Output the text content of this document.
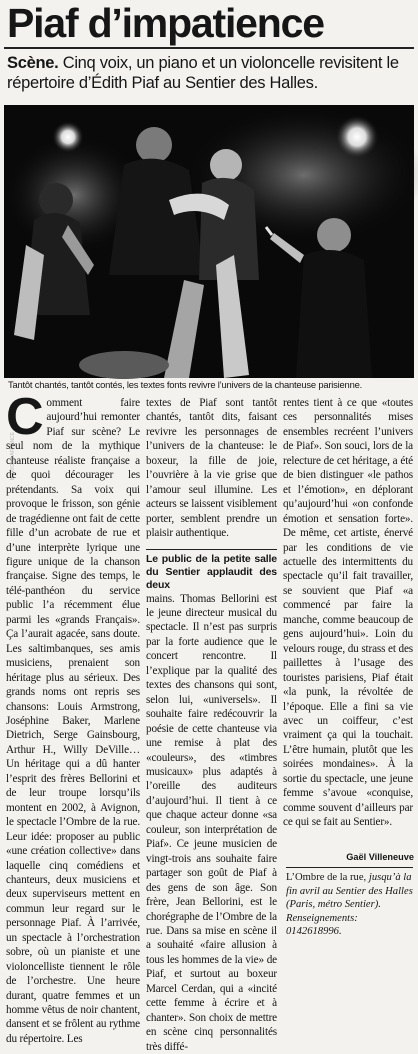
Piaf d’impatience

Scène. Cinq voix, un piano et un violoncelle revisitent le répertoire d’Édith Piaf au Sentier des Halles.

MARION LAFRANCE

Tantôt chantés, tantôt contés, les textes fonts revivre l’univers de la chanteuse parisienne.

Comment faire aujourd’hui remonter Piaf sur scène? Le seul nom de la mythique chanteuse réaliste française a de quoi décourager les prétendants. Sa voix qui provoque le frisson, son génie de tragédienne ont fait de cette fille d’un acrobate de rue et d’une interprète lyrique une figure unique de la chanson française. Signe des temps, le télé-panthéon du service public l’a récemment élue parmi les «grands Français». Ça l’aurait agacée, sans doute. Les saltimbanques, ses amis musiciens, prenaient son héritage plus au sérieux. Des grands noms ont repris ses chansons: Louis Armstrong, Joséphine Baker, Marlene Dietrich, Serge Gainsbourg, Arthur H., Willy DeVille… Un héritage qui a dû hanter l’esprit des frères Bellorini et de leur troupe lorsqu’ils montent en 2002, à Avignon, le spectacle l’Ombre de la rue. Leur idée: proposer au public «une création collective» dans laquelle cinq comédiens et chanteurs, deux musiciens et deux superviseurs mettent en commun leur regard sur le personnage Piaf. À l’arrivée, un spectacle à l’orchestration sobre, où un pianiste et une violoncelliste tiennent le rôle de l’orchestre. Une heure durant, quatre femmes et un homme vêtus de noir chantent, dansent et se frôlent au rythme du répertoire. Les

textes de Piaf sont tantôt chantés, tantôt dits, faisant revivre les personnages de l’univers de la chanteuse: le boxeur, la fille de joie, l’ouvrière à la vie grise que l’amour seul illumine. Les acteurs se laissent visiblement porter, semblent prendre un plaisir authentique.

Le public de la petite salle du Sentier applaudit des deux

mains. Thomas Bellorini est le jeune directeur musical du spectacle. Il n’est pas surpris par la forte audience que le concert rencontre. Il l’explique par la qualité des textes des chansons qui sont, selon lui, «universels». Il souhaite faire redécouvrir la poésie de cette chanteuse via une remise à plat des «couleurs», des «timbres musicaux» plus adaptés à l’oreille des auditeurs d’aujourd’hui. Il tient à ce que chaque acteur donne «sa couleur, son interprétation de Piaf». Ce jeune musicien de vingt-trois ans souhaite faire partager son goût de Piaf à des gens de son âge. Son frère, Jean Bellorini, est le chorégraphe de l’Ombre de la rue. Dans sa mise en scène il a souhaité «faire allusion à tous les hommes de la vie» de Piaf, et surtout au boxeur Marcel Cerdan, qui a «incité cette femme à écrire et à chanter». Son choix de mettre en scène cinq personnalités très diffé-

rentes tient à ce que «toutes ces personnalités mises ensembles recréent l’univers de Piaf». Son souci, lors de la relecture de cet héritage, a été de bien distinguer «le pathos et l’émotion», en déplorant qu’aujourd’hui «on confonde émotion et sensation forte». De même, cet artiste, énervé par les conditions de vie actuelle des intermittents du spectacle qu’il fait travailler, se souvient que Piaf «a commencé par faire la manche, comme beaucoup de gens aujourd’hui». Loin du velours rouge, du strass et des paillettes à l’usage des touristes parisiens, Piaf était «la punk, la révoltée de l’époque. Elle a fini sa vie avec un coiffeur, c’est vraiment ça qui la touchait. L’être humain, plutôt que les soirées mondaines». À la sortie du spectacle, une jeune femme s’avoue «conquise, comme souvent d’ailleurs par ce qui se fait au Sentier».

Gaël Villeneuve

L’Ombre de la rue, jusqu’à la fin avril au Sentier des Halles (Paris, métro Sentier). Renseignements: 0142618996.
